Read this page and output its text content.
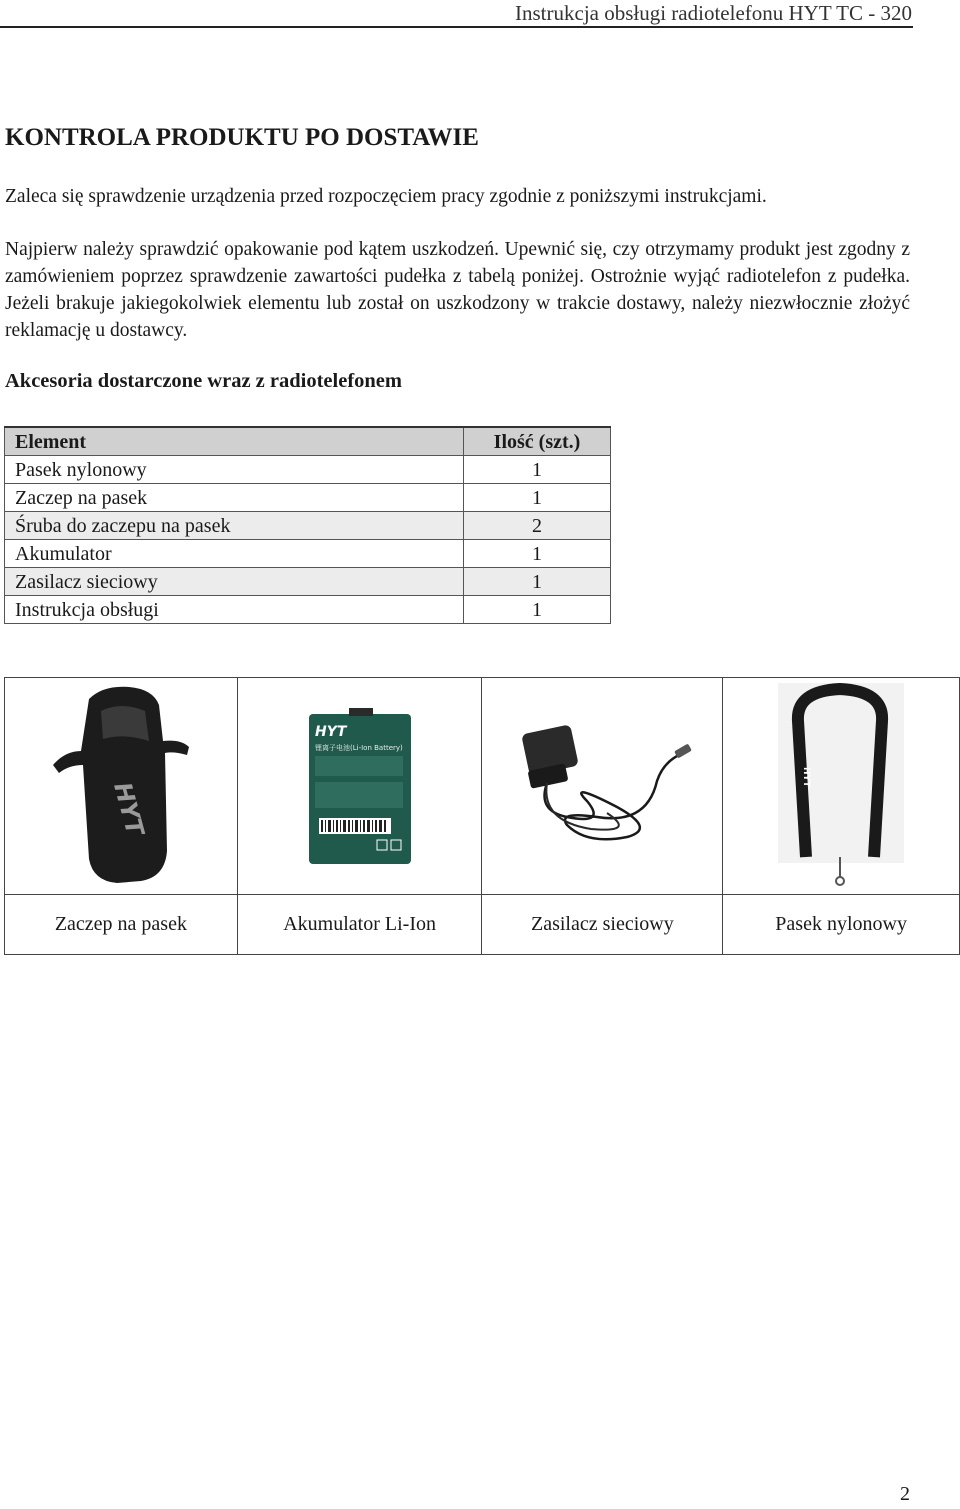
Instrukcja obsługi radiotelefonu HYT TC - 320
KONTROLA PRODUKTU PO DOSTAWIE

Zaleca się sprawdzenie urządzenia przed rozpoczęciem pracy zgodnie z poniższymi instrukcjami.

Najpierw należy sprawdzić opakowanie pod kątem uszkodzeń. Upewnić się, czy otrzymamy produkt jest zgodny z zamówieniem poprzez sprawdzenie zawartości pudełka z tabelą poniżej. Ostrożnie wyjąć radiotelefon z pudełka. Jeżeli brakuje jakiegokolwiek elementu lub został on uszkodzony w trakcie dostawy, należy niezwłocznie złożyć reklamację u dostawcy.

Akcesoria dostarczone wraz z radiotelefonem
Element	Ilość (szt.)
Pasek nylonowy	1
Zaczep na pasek	1
Śruba do zaczepu na pasek	2
Akumulator	1
Zasilacz sieciowy	1
Instrukcja obsługi	1
HYT	HYT
锂离子电池(Li-Ion Battery)		HYT

Zaczep na pasek	Akumulator Li-Ion	Zasilacz sieciowy	Pasek nylonowy
2
